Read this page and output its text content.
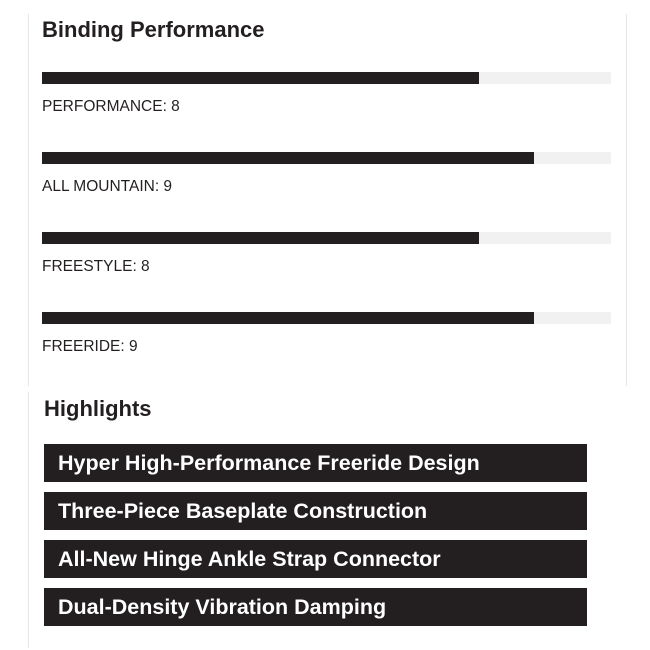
Binding Performance
PERFORMANCE: 8
ALL MOUNTAIN: 9
FREESTYLE: 8
FREERIDE: 9
Highlights
Hyper High-Performance Freeride Design
Three-Piece Baseplate Construction
All-New Hinge Ankle Strap Connector
Dual-Density Vibration Damping
